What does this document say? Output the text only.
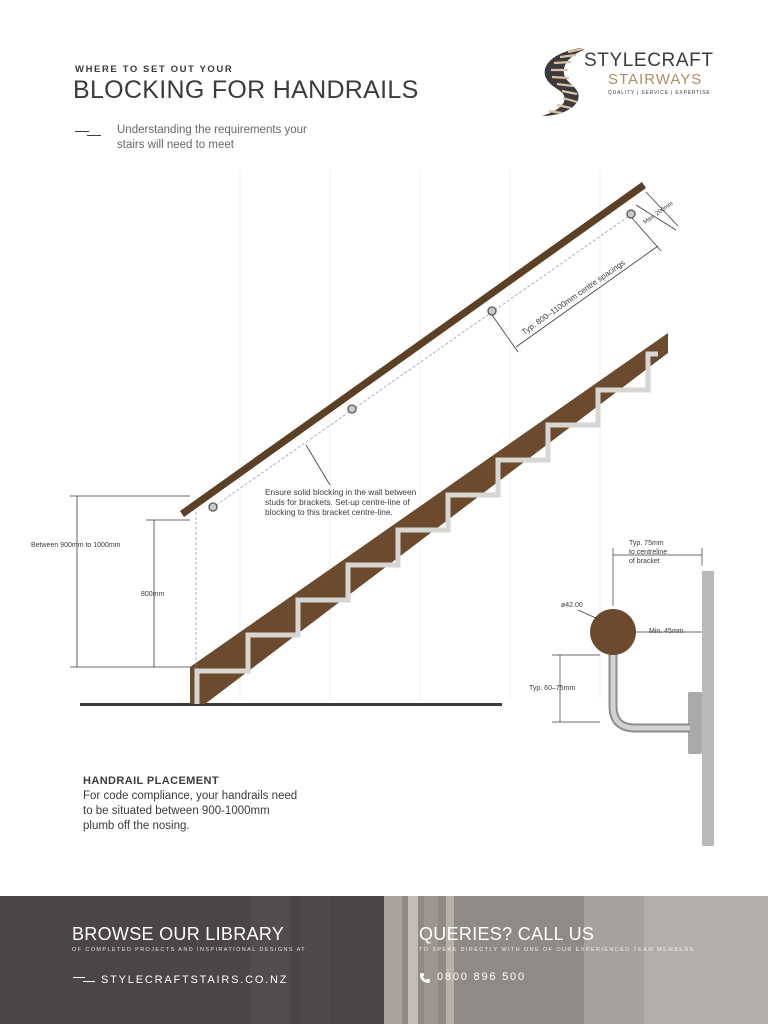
WHERE TO SET OUT YOUR
BLOCKING FOR HANDRAILS
Understanding the requirements your stairs will need to meet
STYLECRAFT
STAIRWAYS
QUALITY | SERVICE | EXPERTISE
Typ. 800–1100mm centre spacings
Max. 200mm
Between 900mm to 1000mm
800mm
Ensure solid blocking in the wall between studs for brackets. Set-up centre-line of blocking to this bracket centre-line.
Typ. 75mm
to centreline
of bracket
ø42.00
Min. 45mm
Typ. 60–75mm
HANDRAIL PLACEMENT
For code compliance, your handrails need to be situated between 900-1000mm plumb off the nosing.
BROWSE OUR LIBRARY
OF COMPLETED PROJECTS AND INSPIRATIONAL DESIGNS AT
STYLECRAFTSTAIRS.CO.NZ
QUERIES? CALL US
TO SPEAK DIRECTLY WITH ONE OF OUR EXPERIENCED TEAM MEMBERS
0800 896 500
